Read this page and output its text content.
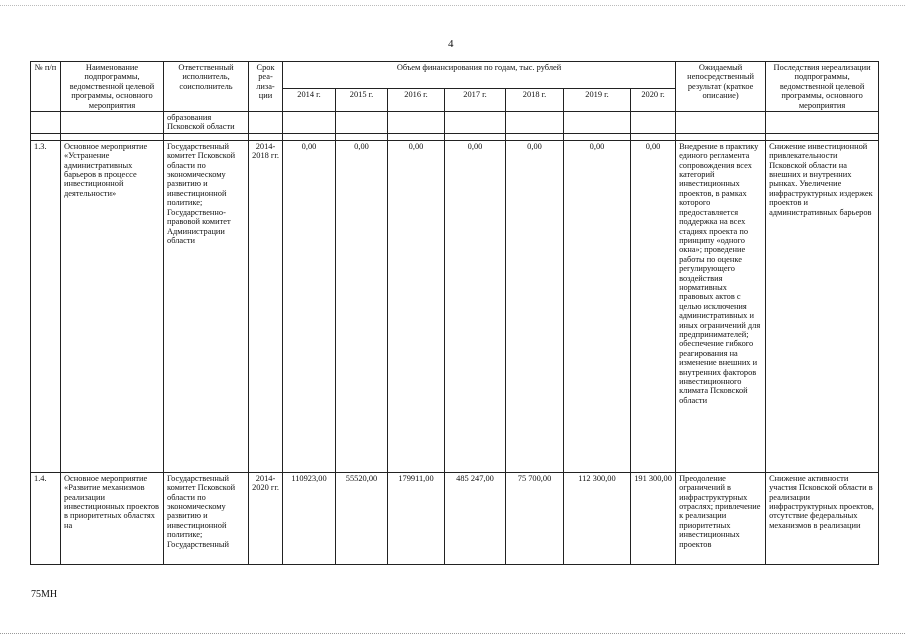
4
№ п/п	Наименование подпрограммы, ведомственной целевой программы, основного мероприятия	Ответственный исполнитель, соисполнитель	Срок реа-лиза-ции	Объем финансирования по годам, тыс. рублей							Ожидаемый непосредственный результат (краткое описание)	Последствия нереализации подпрограммы, ведомственной целевой программы, основного мероприятия
				2014 г.	2015 г.	2016 г.	2017 г.	2018 г.	2019 г.	2020 г.		
		образования Псковской области										

1.3.	Основное мероприятие «Устранение административных барьеров в процессе инвестиционной деятельности»	Государственный комитет Псковской области по экономическому развитию и инвестиционной политике; Государственно-правовой комитет Администрации области	2014-2018 гг.	0,00	0,00	0,00	0,00	0,00	0,00	0,00	Внедрение в практику единого регламента сопровождения всех категорий инвестиционных проектов, в рамках которого предоставляется поддержка на всех стадиях проекта по принципу «одного окна»; проведение работы по оценке регулирующего воздействия нормативных правовых актов с целью исключения административных и иных ограничений для предпринимателей; обеспечение гибкого реагирования на изменение внешних и внутренних факторов инвестиционного климата Псковской области	Снижение инвестиционной привлекательности Псковской области на внешних и внутренних рынках. Увеличение инфраструктурных издержек проектов и административных барьеров
1.4.	Основное мероприятие «Развитие механизмов реализации инвестиционных проектов в приоритетных областях на	Государственный комитет Псковской области по экономическому развитию и инвестиционной политике; Государственный	2014-2020 гг.	110923,00	55520,00	179911,00	485 247,00	75 700,00	112 300,00	191 300,00	Преодоление ограничений в инфраструктурных отраслях; привлечение к реализации приоритетных инвестиционных проектов	Снижение активности участия Псковской области в реализации инфраструктурных проектов, отсутствие федеральных механизмов в реализации
75МН
